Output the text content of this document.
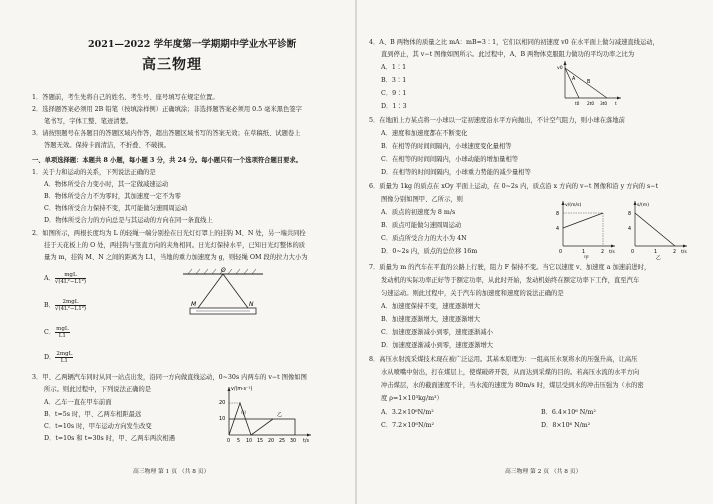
2021—2022 学年度第一学期期中学业水平诊断
高三物理
1．答题前，考生先将自己的姓名、考生号、座号填写在规定位置。
2．选择题答案必须用 2B 铅笔（按填涂样例）正确填涂；非选择题答案必须用 0.5 毫米黑色签字
笔书写，字体工整、笔迹清楚。
3．请按照题号在各题目的答题区域内作答，超出答题区域书写的答案无效；在草稿纸、试题卷上
答题无效。保持卡面清洁，不折叠、不破损。
一、单项选择题：本题共 8 小题，每小题 3 分，共 24 分。每小题只有一个选项符合题目要求。
1．关于力和运动的关系，下列说法正确的是
A．物体所受合力变小时，其一定做减速运动
B．物体所受合力不为零时，其加速度一定不为零
C．物体所受合力保持不变，其可能做匀速圆周运动
D．物体所受合力的方向总是与其运动的方向在同一条直线上
2．如图所示，两根长度均为 L 的轻绳一端分别拴在日光灯灯罩上的挂钩 M、N 处，另一端共同拴
挂于天花板上的 O 处，两挂钩与竖直方向的夹角相同。日光灯保持水平，已知日光灯整体的质
量为 m，挂钩 M、N 之间的距离为 L1，当地的重力加速度为 g，则轻绳 OM 段的拉力大小为
A． $\frac{\text{mgL}}{\text{√(4L²−L1²)}}$
B． $\frac{\text{2mgL}}{\text{√(4L²−L1²)}}$
C． $\frac{\text{mgL}}{L1}$
D． $\frac{\text{2mgL}}{L1}$
O
M	N
3．甲、乙两辆汽车同时从同一站点出发，沿同一方向做直线运动，0~30s 内两车的 v−t 图像如图
所示。则此过程中，下列说法正确的是
A．乙车一直在甲车前面
B．t=5s 时，甲、乙两车相距最远
C．t=10s 时，甲车运动方向发生改变
D．t=10s 和 t=30s 时，甲、乙两车两次相遇
v/(m·s⁻¹)
t/s
20
10
0 5 10 15 20 25 30
甲	乙
高三物理 第 1 页 （共 8 页）
4．A、B 两物体的质量之比 mA：mB=3∶1，它们以相同的初速度 v0 在水平面上做匀减速直线运动，
直到停止，其 v−t 图像如图所示。此过程中，A、B 两物体克服阻力做功的平均功率之比为
A．1∶1
B．3∶1
C．9∶1
D．1∶3
v0
A
B
t0 2t0 3t0 t
5．在地面上方某点将一小球以一定初速度沿水平方向抛出，不计空气阻力，则小球在落地前
A．速度和加速度都在不断变化
B．在相等的时间间隔内，小球速度变化量相等
C．在相等的时间间隔内，小球动能的增加量相等
D．在相等的时间间隔内，小球重力势能的减少量相等
6．质量为 1kg 的质点在 xOy 平面上运动，在 0~2s 内，质点沿 x 方向的 v−t 图像和沿 y 方向的 s−t
图像分别如图甲、乙所示，则
A．质点的初速度为 8 m/s
B．质点可能做匀速圆周运动
C．质点所受合力的大小为 4N
D．0~2s 内，质点的总位移 16m
v/(m/s)
t/s
8
4
0	1	2
甲
s/(m)
t/s
8
4
0	1	2
乙
7．质量为 m 的汽车在平直的公路上行驶，阻力 F 保持不变。当它以速度 v、加速度 a 加速前进时，
发动机的实际功率正好等于额定功率，从此时开始，发动机始终在额定功率下工作，直至汽车
匀速运动。则此过程中，关于汽车的加速度和速度的说法正确的是
A．加速度保持不变，速度逐渐增大
B．加速度逐渐增大，速度逐渐增大
C．加速度逐渐减小到零，速度逐渐减小
D．加速度逐渐减小到零，速度逐渐增大
8．高压水射流采煤技术现在被广泛运用。其基本原理为：一组高压水泵将水的压强升高，让高压
水从喷嘴中射出，打在煤层上，使煤破碎开裂，从而达到采煤的目的。若高压水流的水平方向
冲击煤层，水的截面速度不计，当水流的速度为 80m/s 时，煤层受到水的冲击压强为（水的密
度 ρ=1×10³kg/m³）
A．3.2×10⁶N/m²	B．6.4×10⁶ N/m²
C．7.2×10⁶N/m²	D．8×10⁶ N/m²
高三物理 第 2 页 （共 8 页）
